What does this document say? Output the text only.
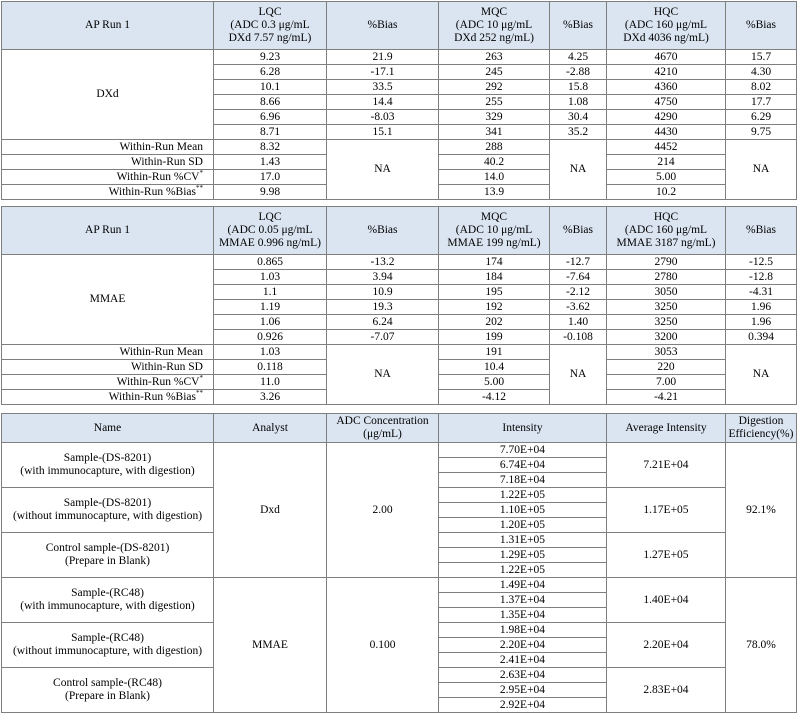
AP Run 1	LQC
(ADC 0.3 μg/mL
DXd 7.57 ng/mL)	%Bias	MQC
(ADC 10 μg/mL
DXd 252 ng/mL)	%Bias	HQC
(ADC 160 μg/mL
DXd 4036 ng/mL)	%Bias
DXd	9.23	21.9	263	4.25	4670	15.7
	6.28	-17.1	245	-2.88	4210	4.30
	10.1	33.5	292	15.8	4360	8.02
	8.66	14.4	255	1.08	4750	17.7
	6.96	-8.03	329	30.4	4290	6.29
	8.71	15.1	341	35.2	4430	9.75
Within-Run Mean	8.32	NA	288	NA	4452	NA
Within-Run SD	1.43		40.2		214	
Within-Run %CV*	17.0		14.0		5.00	
Within-Run %Bias**	9.98		13.9		10.2	
AP Run 1	LQC
(ADC 0.05 μg/mL
MMAE 0.996 ng/mL)	%Bias	MQC
(ADC 10 μg/mL
MMAE 199 ng/mL)	%Bias	HQC
(ADC 160 μg/mL
MMAE 3187 ng/mL)	%Bias
MMAE	0.865	-13.2	174	-12.7	2790	-12.5
	1.03	3.94	184	-7.64	2780	-12.8
	1.1	10.9	195	-2.12	3050	-4.31
	1.19	19.3	192	-3.62	3250	1.96
	1.06	6.24	202	1.40	3250	1.96
	0.926	-7.07	199	-0.108	3200	0.394
Within-Run Mean	1.03	NA	191	NA	3053	NA
Within-Run SD	0.118		10.4		220	
Within-Run %CV*	11.0		5.00		7.00	
Within-Run %Bias**	3.26		-4.12		-4.21	
Name	Analyst	ADC Concentration
(μg/mL)	Intensity	Average Intensity	Digestion
Efficiency(%)

Sample-(DS-8201)
(with immunocapture, with digestion)	Dxd	2.00	7.70E+04	7.21E+04	92.1%
			6.74E+04		
			7.18E+04		

Sample-(DS-8201)
(without immunocapture, with digestion)			1.22E+05	1.17E+05	
			1.10E+05		
			1.20E+05		

Control sample-(DS-8201)
(Prepare in Blank)			1.31E+05	1.27E+05	
			1.29E+05		
			1.22E+05		

Sample-(RC48)
(with immunocapture, with digestion)	MMAE	0.100	1.49E+04	1.40E+04	78.0%
			1.37E+04		
			1.35E+04		

Sample-(RC48)
(without immunocapture, with digestion)			1.98E+04	2.20E+04	
			2.20E+04		
			2.41E+04		

Control sample-(RC48)
(Prepare in Blank)			2.63E+04	2.83E+04	
			2.95E+04		
			2.92E+04		
